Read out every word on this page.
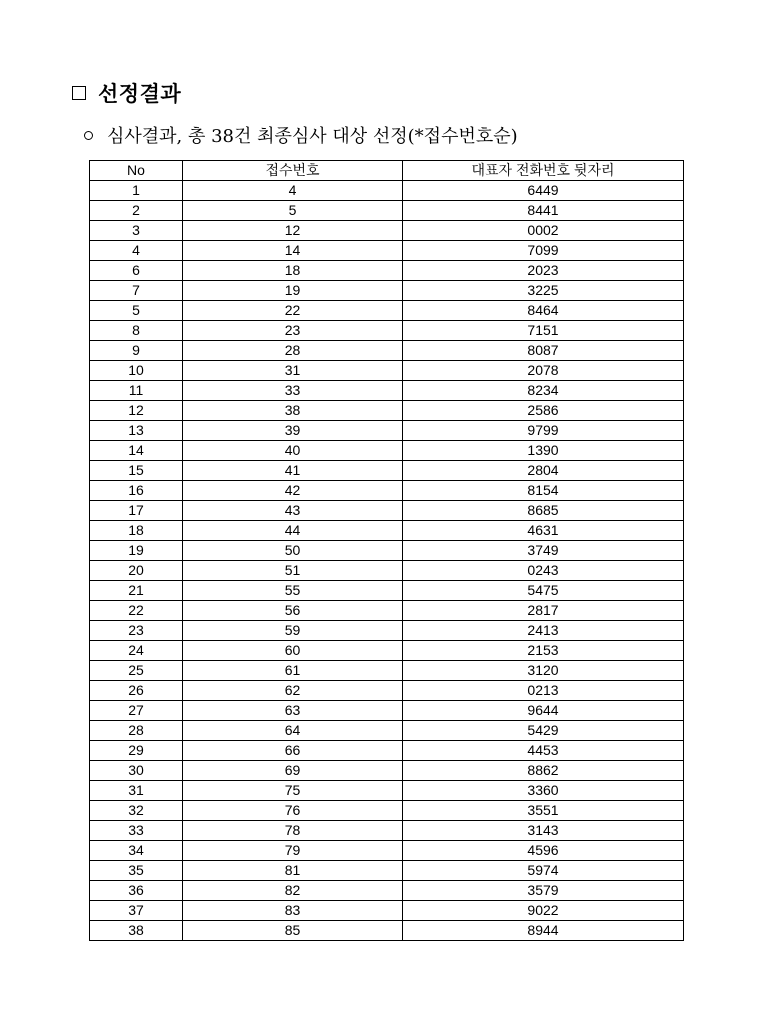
선정결과
심사결과, 총 38건 최종심사 대상 선정(*접수번호순)
No	접수번호	대표자 전화번호 뒷자리
1	4	6449
2	5	8441
3	12	0002
4	14	7099
6	18	2023
7	19	3225
5	22	8464
8	23	7151
9	28	8087
10	31	2078
11	33	8234
12	38	2586
13	39	9799
14	40	1390
15	41	2804
16	42	8154
17	43	8685
18	44	4631
19	50	3749
20	51	0243
21	55	5475
22	56	2817
23	59	2413
24	60	2153
25	61	3120
26	62	0213
27	63	9644
28	64	5429
29	66	4453
30	69	8862
31	75	3360
32	76	3551
33	78	3143
34	79	4596
35	81	5974
36	82	3579
37	83	9022
38	85	8944
